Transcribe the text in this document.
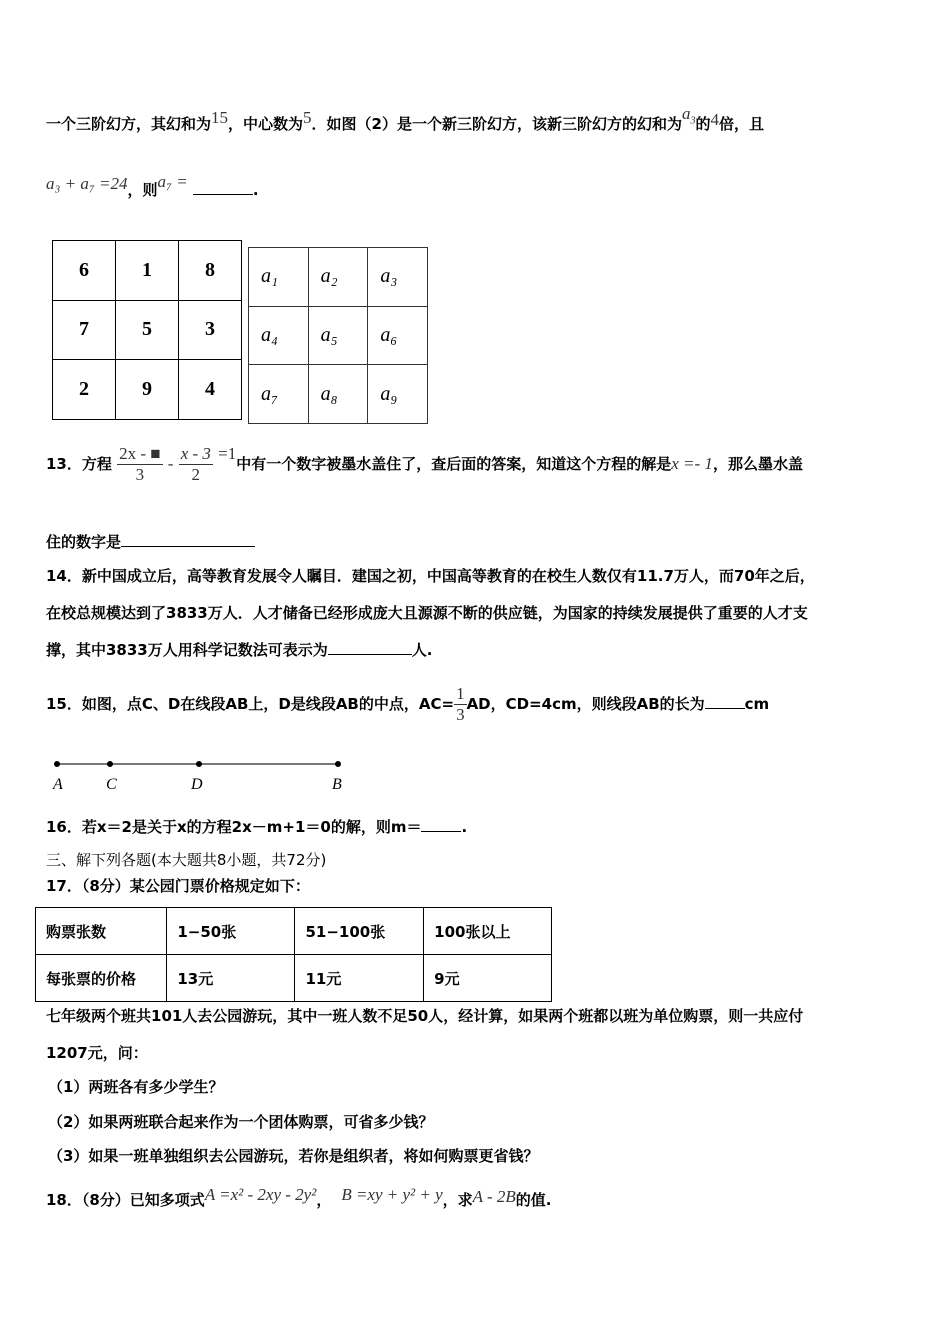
一个三阶幻方，其幻和为15，中心数为5．如图（2）是一个新三阶幻方，该新三阶幻方的幻和为$a_3$的4倍，且
a₃ + a₇ =24，则a₇ =	.
6	1	8
7	5	3
2	9	4
a₁	a₂	a₃
a₄	a₅	a₆
a₇	a₈	a₉
13．方程 $\frac{2x - ■}{3} - \frac{x - 3}{2} =1$中有一个数字被墨水盖住了，查后面的答案，知道这个方程的解是x =- 1，那么墨水盖
住的数字是
14．新中国成立后，高等教育发展令人瞩目．建国之初，中国高等教育的在校生人数仅有11.7万人，而70年之后，
在校总规模达到了3833万人．人才储备已经形成庞大且源源不断的供应链，为国家的持续发展提供了重要的人才支
撑，其中3833万人用科学记数法可表示为	人.
15．如图，点C、D在线段AB上，D是线段AB的中点，$AC= \frac{1}{3}$ AD，CD=4cm，则线段AB的长为	cm
A	C	D	B
16．若x＝2是关于x的方程2x－m+1＝0的解，则m＝	.
三、解下列各题(本大题共8小题，共72分)
17．（8分）某公园门票价格规定如下：
购票张数	1−50张	51−100张	100张以上
每张票的价格	13元	11元	9元
七年级两个班共101人去公园游玩，其中一班人数不足50人，经计算，如果两个班都以班为单位购票，则一共应付
1207元，问：
（1）两班各有多少学生？
（2）如果两班联合起来作为一个团体购票，可省多少钱？
（3）如果一班单独组织去公园游玩，若你是组织者，将如何购票更省钱？
18．（8分）已知多项式A =x² - 2xy - 2y²， B =xy + y² + y，求A - 2B的值.
